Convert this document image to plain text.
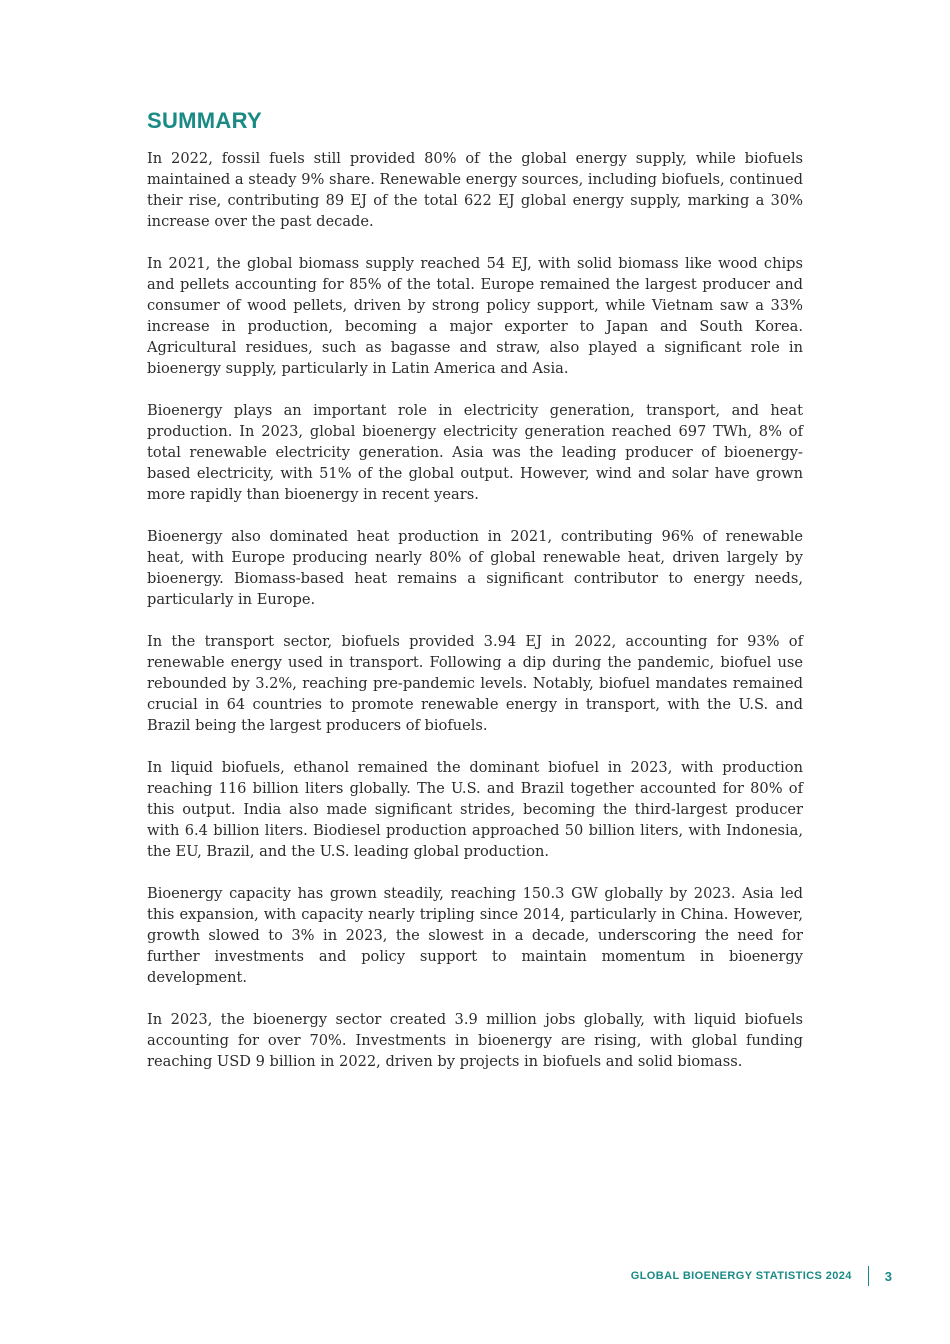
SUMMARY

In 2022, fossil fuels still provided 80% of the global energy supply, while biofuels maintained a steady 9% share. Renewable energy sources, including biofuels, continued their rise, contributing 89 EJ of the total 622 EJ global energy supply, marking a 30% increase over the past decade.

In 2021, the global biomass supply reached 54 EJ, with solid biomass like wood chips and pellets accounting for 85% of the total. Europe remained the largest producer and consumer of wood pellets, driven by strong policy support, while Vietnam saw a 33% increase in production, becoming a major exporter to Japan and South Korea. Agricultural residues, such as bagasse and straw, also played a significant role in bioenergy supply, particularly in Latin America and Asia.

Bioenergy plays an important role in electricity generation, transport, and heat production. In 2023, global bioenergy electricity generation reached 697 TWh, 8% of total renewable electricity generation. Asia was the leading producer of bioenergy-based electricity, with 51% of the global output. However, wind and solar have grown more rapidly than bioenergy in recent years.

Bioenergy also dominated heat production in 2021, contributing 96% of renewable heat, with Europe producing nearly 80% of global renewable heat, driven largely by bioenergy. Biomass-based heat remains a significant contributor to energy needs, particularly in Europe.

In the transport sector, biofuels provided 3.94 EJ in 2022, accounting for 93% of renewable energy used in transport. Following a dip during the pandemic, biofuel use rebounded by 3.2%, reaching pre-pandemic levels. Notably, biofuel mandates remained crucial in 64 countries to promote renewable energy in transport, with the U.S. and Brazil being the largest producers of biofuels.

In liquid biofuels, ethanol remained the dominant biofuel in 2023, with production reaching 116 billion liters globally. The U.S. and Brazil together accounted for 80% of this output. India also made significant strides, becoming the third-largest producer with 6.4 billion liters. Biodiesel production approached 50 billion liters, with Indonesia, the EU, Brazil, and the U.S. leading global production.

Bioenergy capacity has grown steadily, reaching 150.3 GW globally by 2023. Asia led this expansion, with capacity nearly tripling since 2014, particularly in China. However, growth slowed to 3% in 2023, the slowest in a decade, underscoring the need for further investments and policy support to maintain momentum in bioenergy development.

In 2023, the bioenergy sector created 3.9 million jobs globally, with liquid biofuels accounting for over 70%. Investments in bioenergy are rising, with global funding reaching USD 9 billion in 2022, driven by projects in biofuels and solid biomass.

GLOBAL BIOENERGY STATISTICS 2024	3
